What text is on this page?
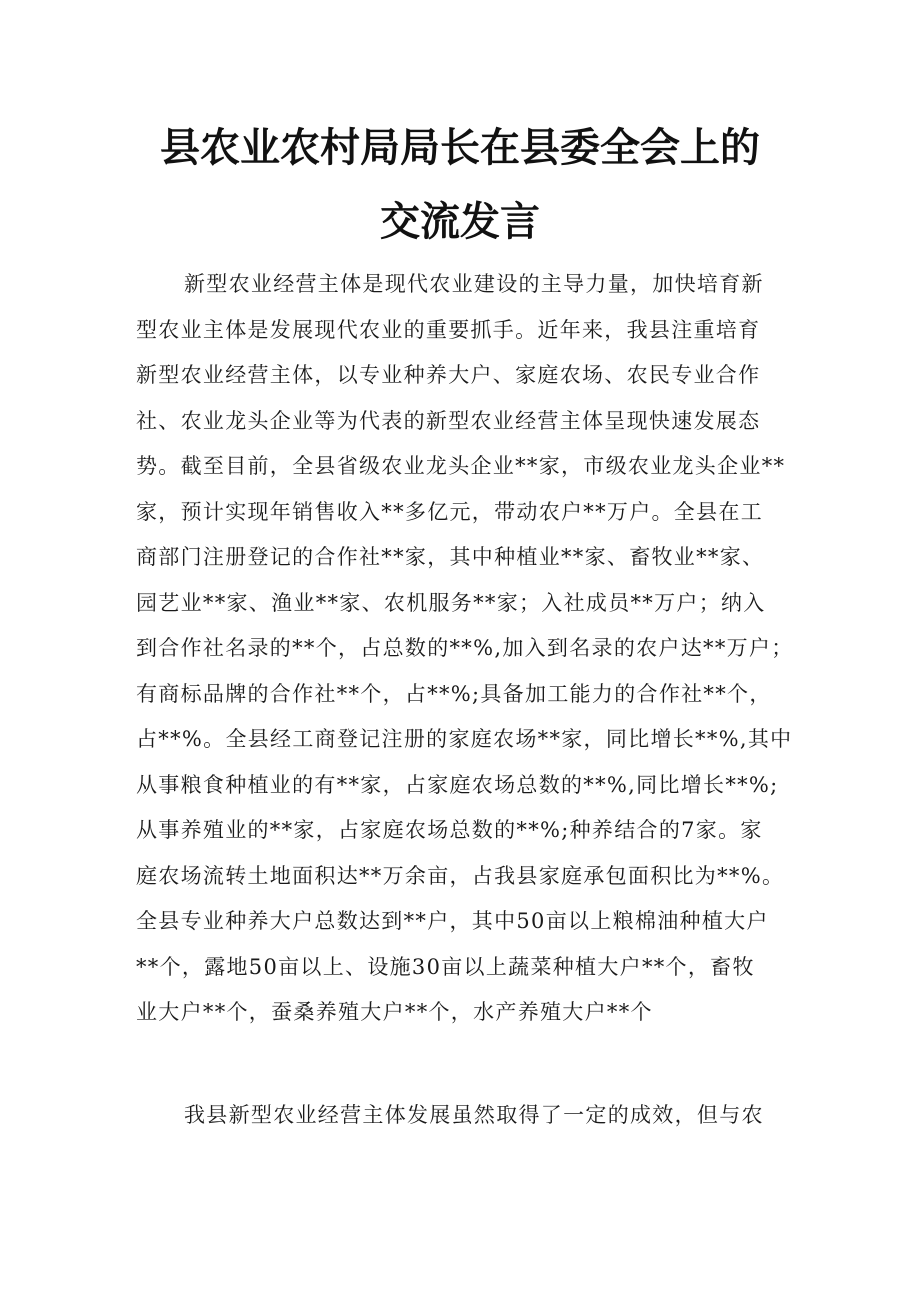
县农业农村局局长在县委全会上的
交流发言
新型农业经营主体是现代农业建设的主导力量，加快培育新
型农业主体是发展现代农业的重要抓手。近年来，我县注重培育
新型农业经营主体，以专业种养大户、家庭农场、农民专业合作
社、农业龙头企业等为代表的新型农业经营主体呈现快速发展态
势。截至目前，全县省级农业龙头企业**家，市级农业龙头企业**
家，预计实现年销售收入**多亿元，带动农户**万户。全县在工
商部门注册登记的合作社**家，其中种植业**家、畜牧业**家、
园艺业**家、渔业**家、农机服务**家；入社成员**万户；纳入
到合作社名录的**个，占总数的**%,加入到名录的农户达**万户；
有商标品牌的合作社**个，占**%;具备加工能力的合作社**个，
占**%。全县经工商登记注册的家庭农场**家，同比增长**%,其中
从事粮食种植业的有**家，占家庭农场总数的**%,同比增长**%;
从事养殖业的**家，占家庭农场总数的**%;种养结合的7家。家
庭农场流转土地面积达**万余亩，占我县家庭承包面积比为**%。
全县专业种养大户总数达到**户，其中50亩以上粮棉油种植大户
**个，露地50亩以上、设施30亩以上蔬菜种植大户**个，畜牧
业大户**个，蚕桑养殖大户**个，水产养殖大户**个
我县新型农业经营主体发展虽然取得了一定的成效，但与农
